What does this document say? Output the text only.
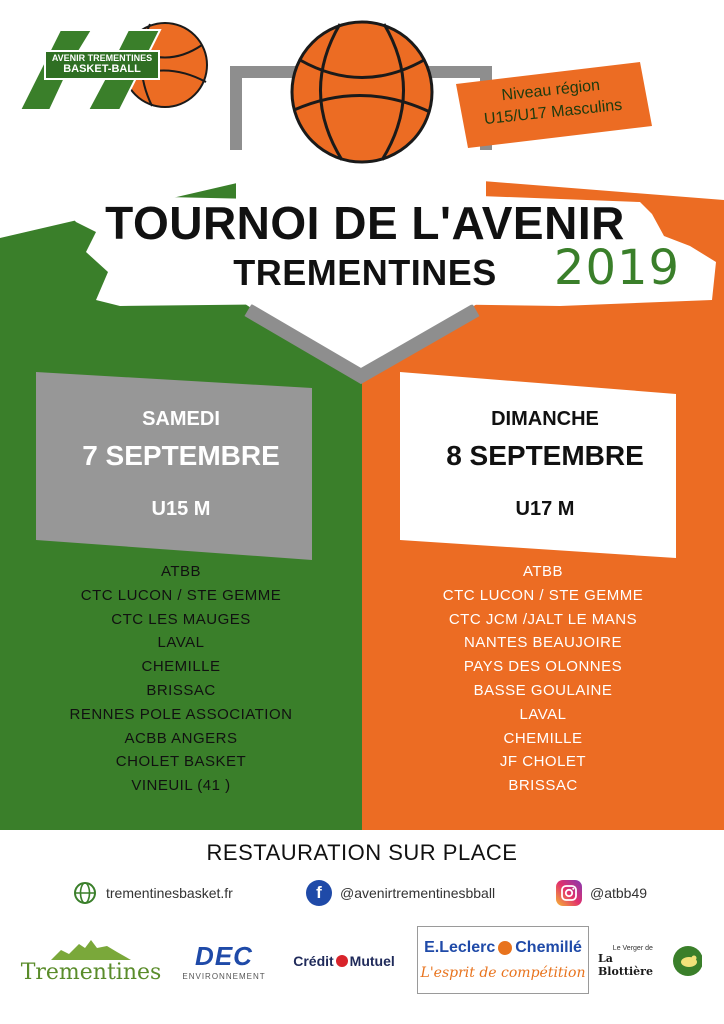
AVENIR TREMENTINES
BASKET-BALL
Niveau région
U15/U17 Masculins
TOURNOI DE L'AVENIR
TREMENTINES	2019
SAMEDI
7 SEPTEMBRE
U15 M
DIMANCHE
8 SEPTEMBRE
U17 M
ATBB
CTC LUCON / STE GEMME
CTC LES MAUGES
LAVAL
CHEMILLE
BRISSAC
RENNES POLE ASSOCIATION
ACBB ANGERS
CHOLET BASKET
VINEUIL (41 )
ATBB
CTC LUCON / STE GEMME
CTC JCM /JALT LE MANS
NANTES BEAUJOIRE
PAYS DES OLONNES
BASSE GOULAINE
LAVAL
CHEMILLE
JF CHOLET
BRISSAC
RESTAURATION SUR PLACE
trementinesbasket.fr	f	@avenirtrementinesbball	@atbb49
Trementines
DEC
ENVIRONNEMENT
Crédit Mutuel
E.Leclerc Chemillé
L'esprit de compétition
Le Verger de
La Blottière
